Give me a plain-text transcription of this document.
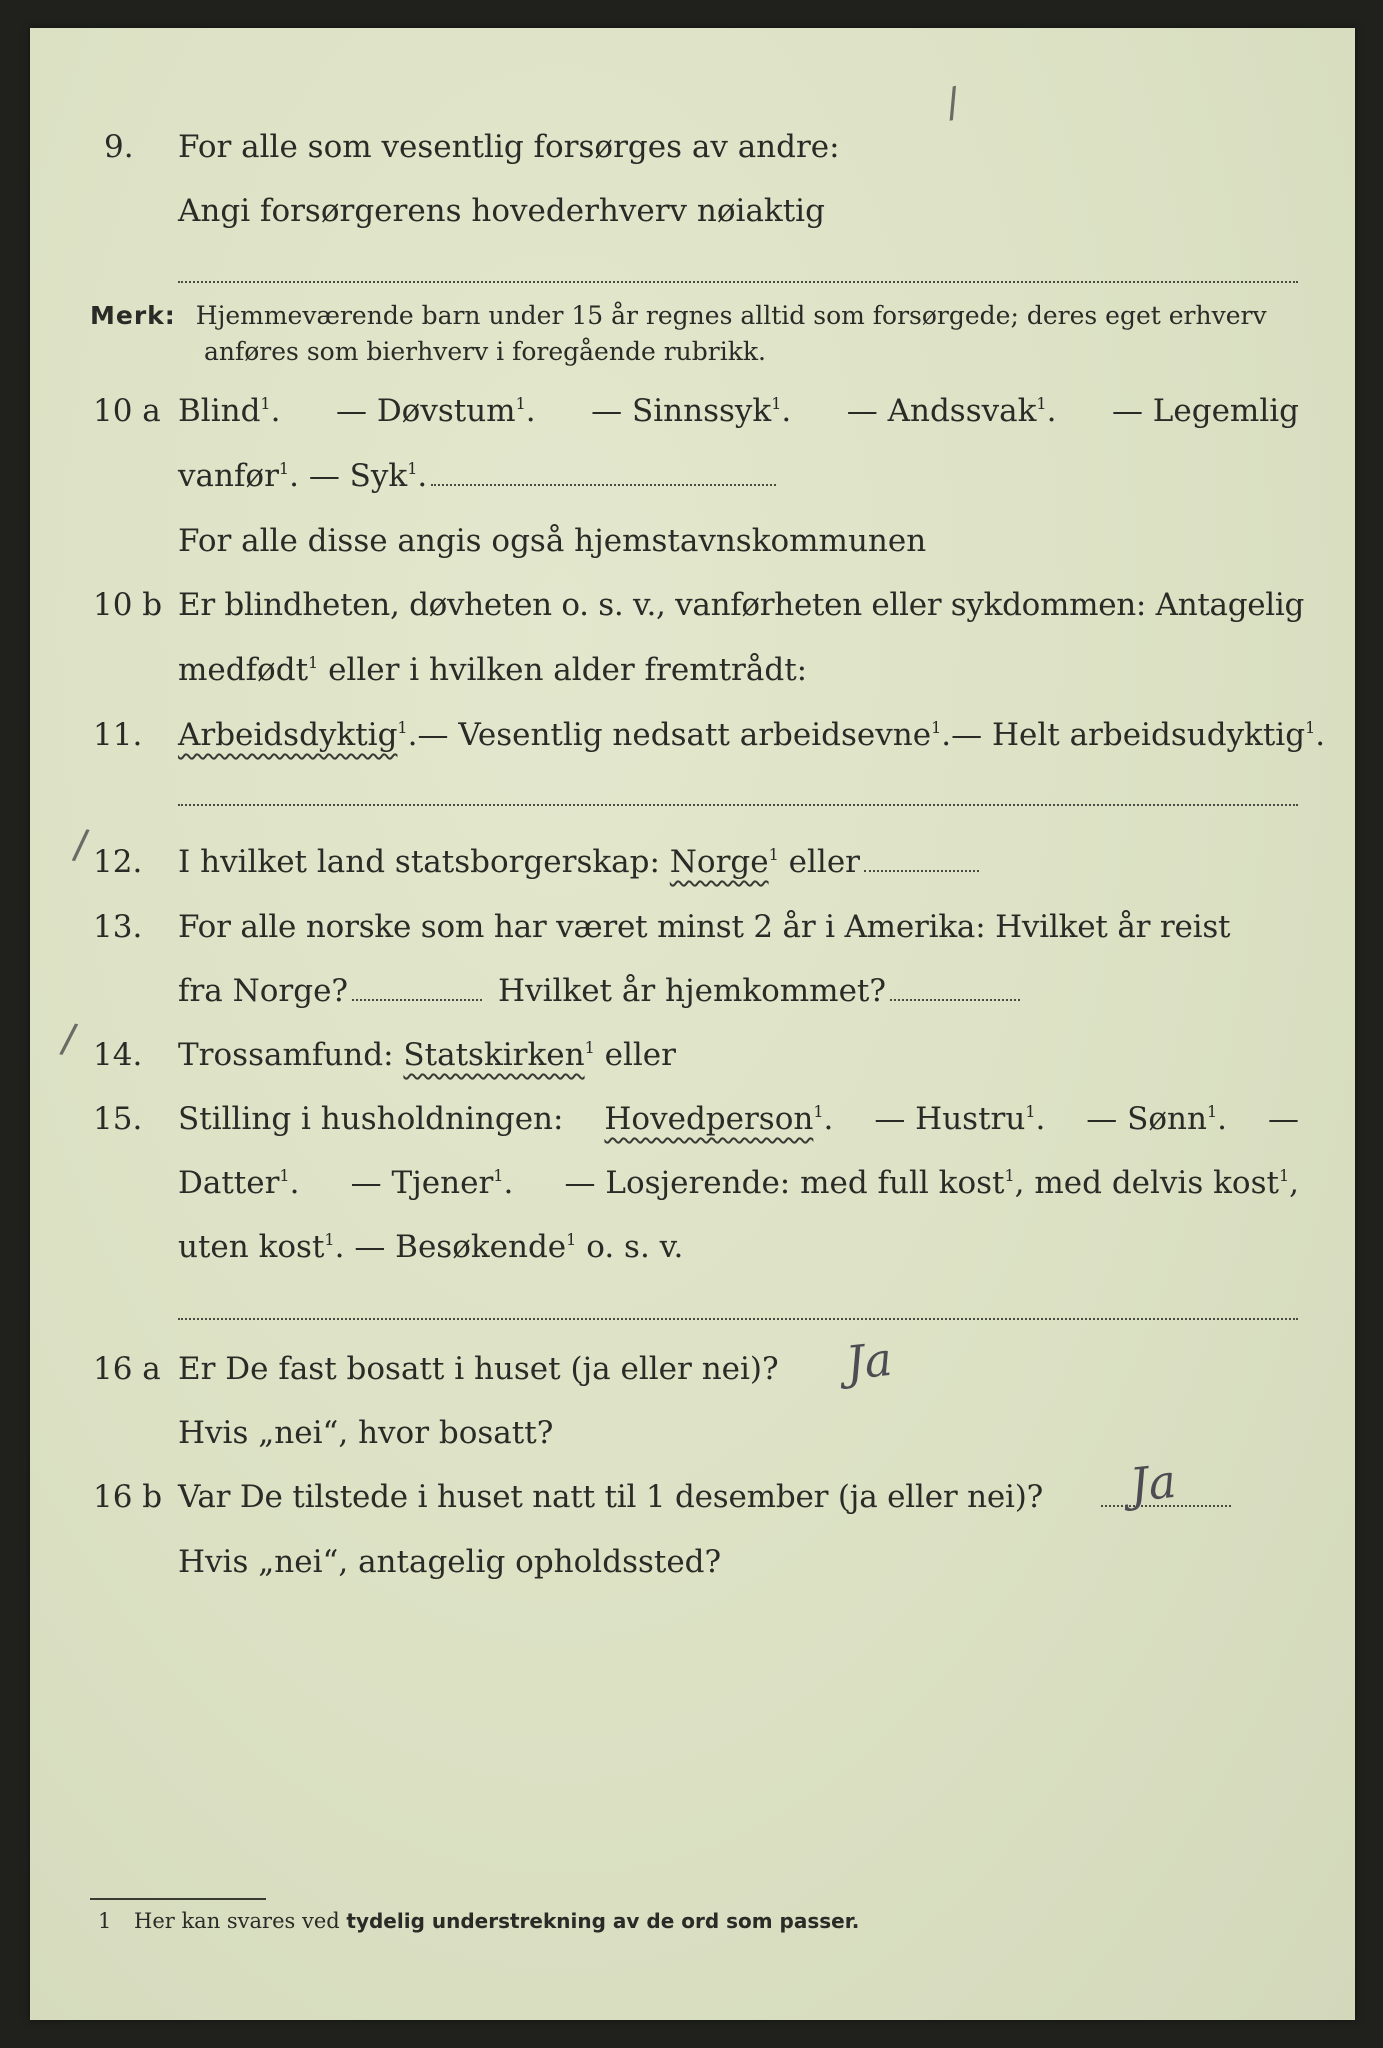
9.	For alle som vesentlig forsørges av andre:
Angi forsørgerens hovederhverv nøiaktig
/
Merk: Hjemmeværende barn under 15 år regnes alltid som forsørgede; deres eget erhverv
anføres som bierhverv i foregående rubrikk.
10 a Blind$^1$. — Døvstum$^1$. — Sinnssyk$^1$. — Andssvak$^1$. — Legemlig
vanfør$^1$. — Syk$^1$.
For alle disse angis også hjemstavnskommunen
10 b Er blindheten, døvheten o. s. v., vanførheten eller sykdommen: Antagelig
medfødt$^1$ eller i hvilken alder fremtrådt:
11.	Arbeidsdyktig$^1$. — Vesentlig nedsatt arbeidsevne$^1$. — Helt arbeidsudyktig$^1$.
12.	I hvilket land statsborgerskap: Norge$^1$ eller
/
13.	For alle norske som har været minst 2 år i Amerika: Hvilket år reist
fra Norge?	Hvilket år hjemkommet?
14.	Trossamfund: Statskirken$^1$ eller
/
15.	Stilling i husholdningen: Hovedperson$^1$. — Hustru$^1$. — Sønn$^1$. —
Datter$^1$. — Tjener$^1$. — Losjerende: med full kost$^1$, med delvis kost$^1$,
uten kost$^1$. — Besøkende$^1$ o. s. v.
16 a Er De fast bosatt i huset (ja eller nei)?	Ja
Hvis „nei“, hvor bosatt?
16 b Var De tilstede i huset natt til 1 desember (ja eller nei)?	Ja
Hvis „nei“, antagelig opholdssted?
1 Her kan svares ved tydelig understrekning av de ord som passer.
